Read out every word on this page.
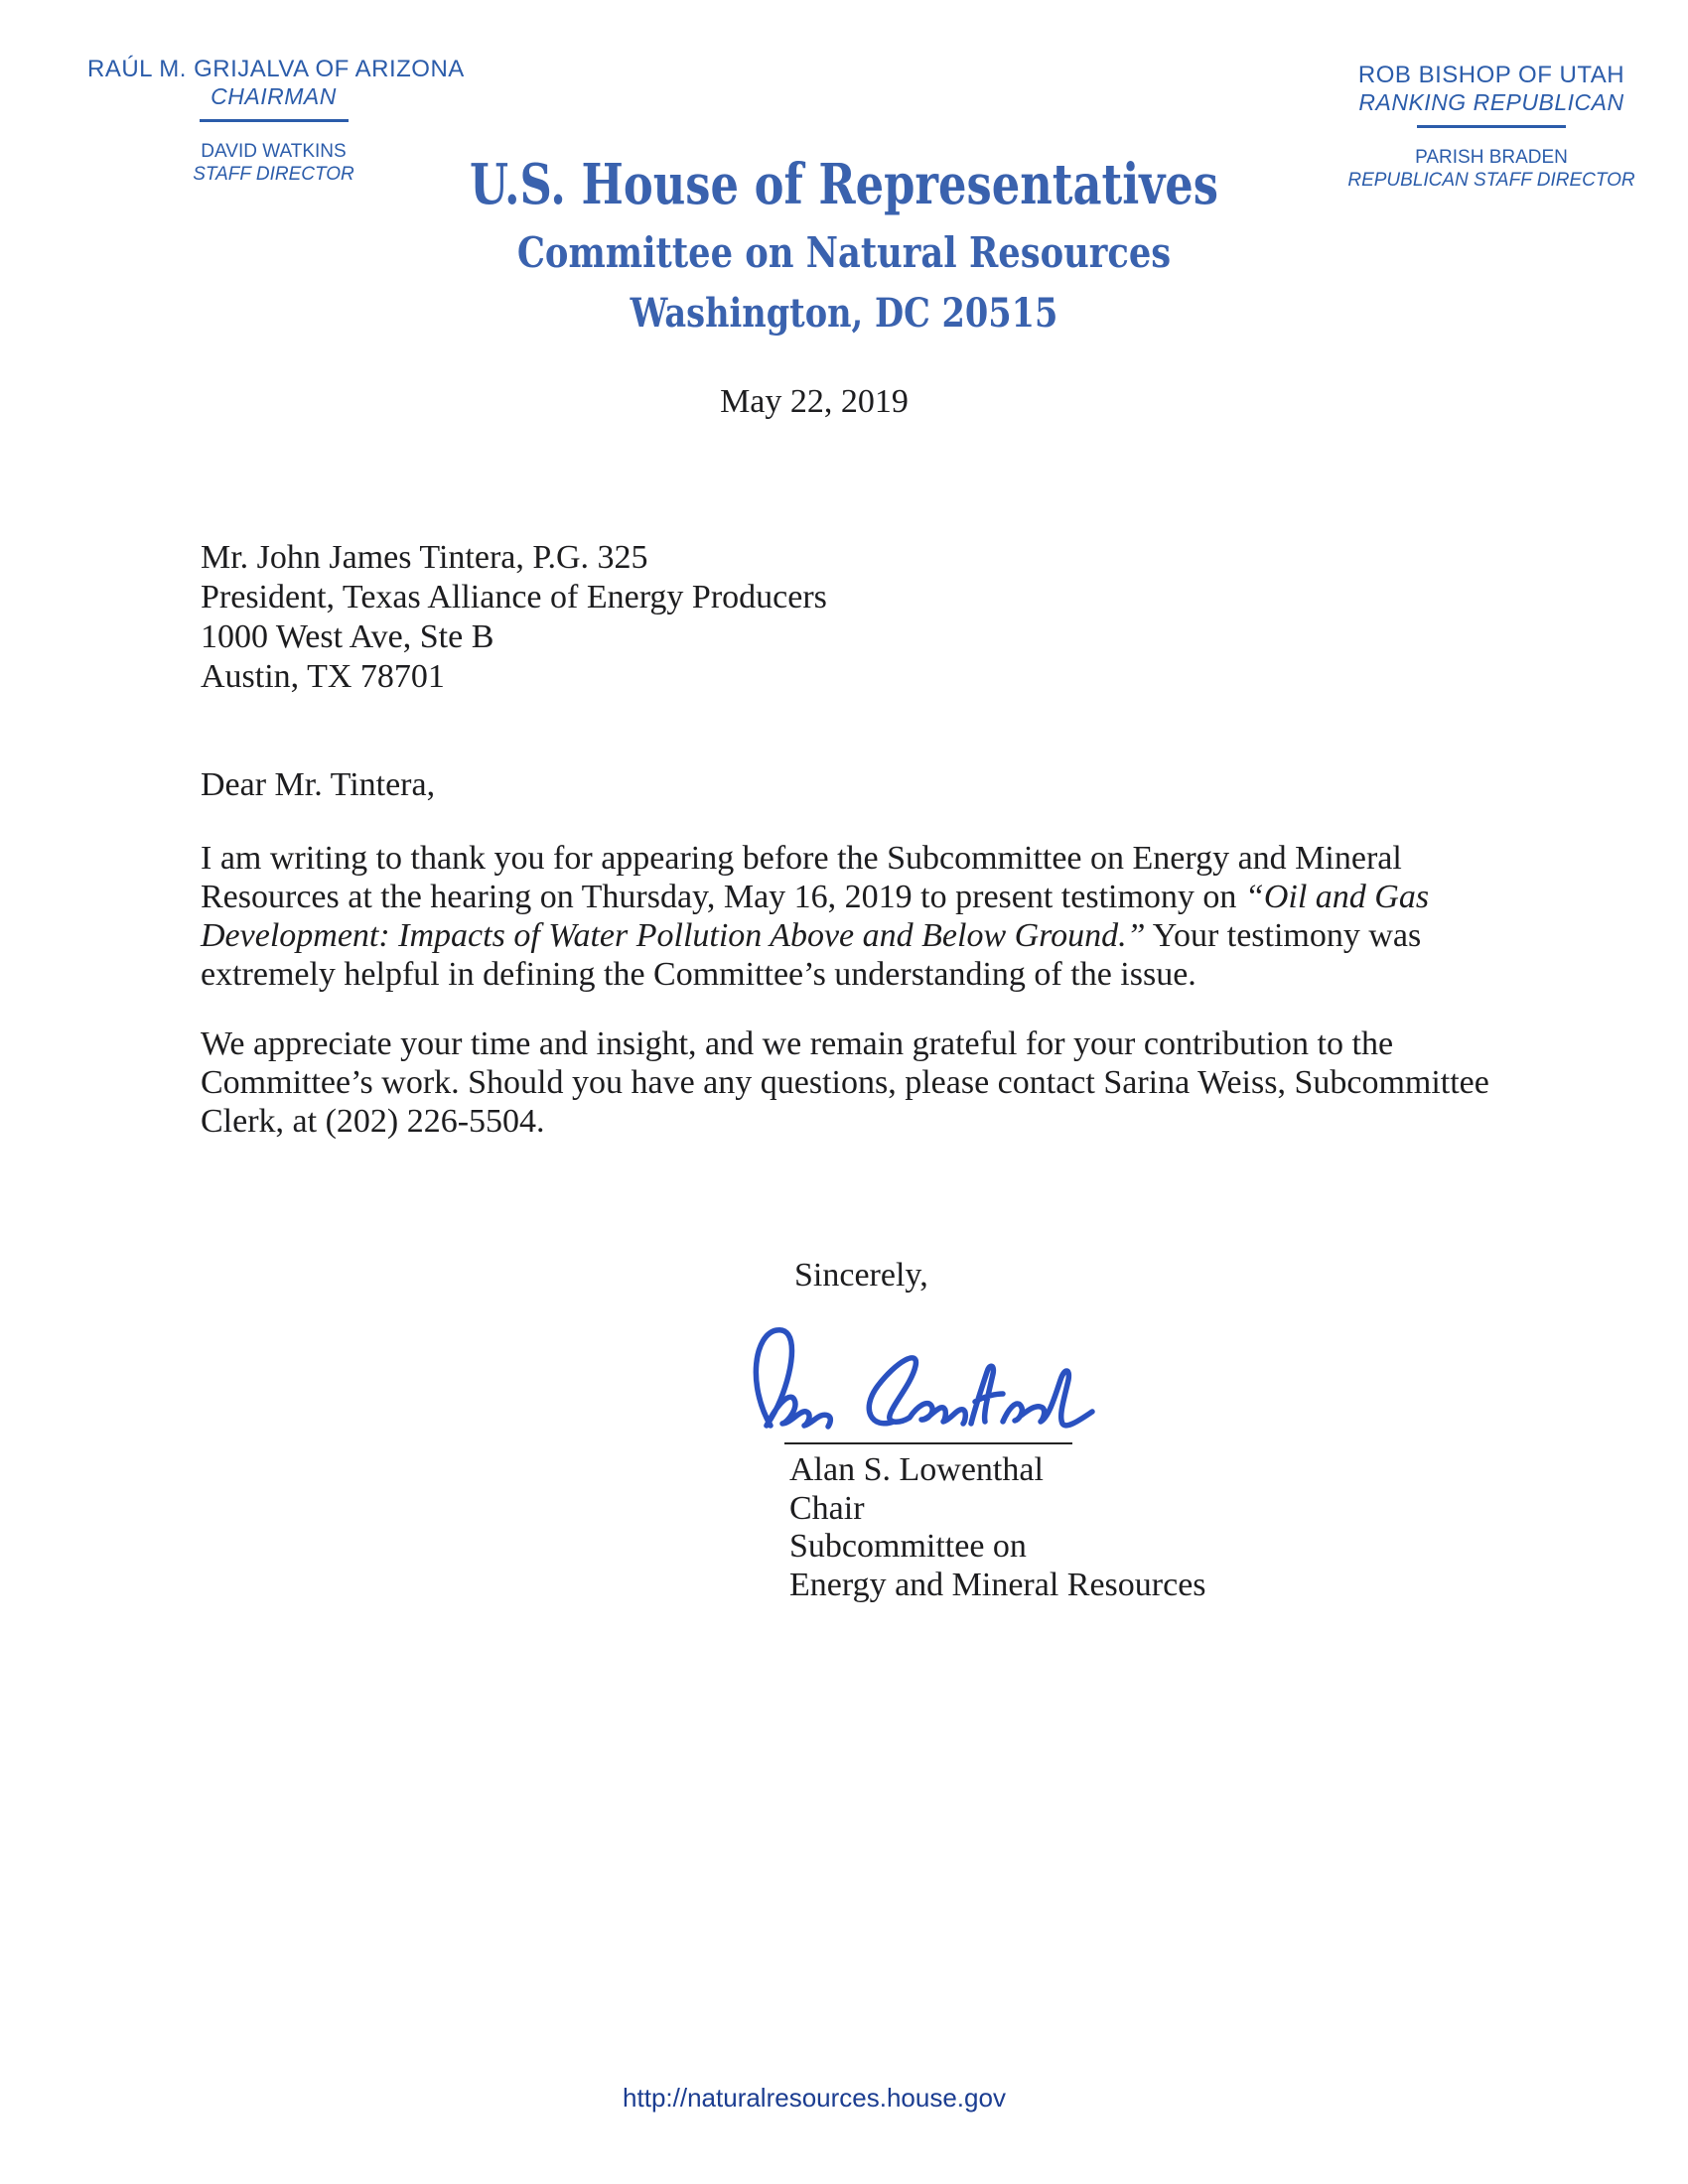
RAÚL M. GRIJALVA OF ARIZONA
CHAIRMAN
DAVID WATKINS
STAFF DIRECTOR
ROB BISHOP OF UTAH
RANKING REPUBLICAN
PARISH BRADEN
REPUBLICAN STAFF DIRECTOR
U.S. House of Representatives
Committee on Natural Resources
Washington, DC 20515
May 22, 2019
Mr. John James Tintera, P.G. 325
President, Texas Alliance of Energy Producers
1000 West Ave, Ste B
Austin, TX 78701
Dear Mr. Tintera,

I am writing to thank you for appearing before the Subcommittee on Energy and Mineral
Resources at the hearing on Thursday, May 16, 2019 to present testimony on “Oil and Gas
Development: Impacts of Water Pollution Above and Below Ground.” Your testimony was
extremely helpful in defining the Committee’s understanding of the issue.

We appreciate your time and insight, and we remain grateful for your contribution to the
Committee’s work. Should you have any questions, please contact Sarina Weiss, Subcommittee
Clerk, at (202) 226-5504.

Sincerely,
Alan S. Lowenthal
Chair
Subcommittee on
Energy and Mineral Resources
http://naturalresources.house.gov
